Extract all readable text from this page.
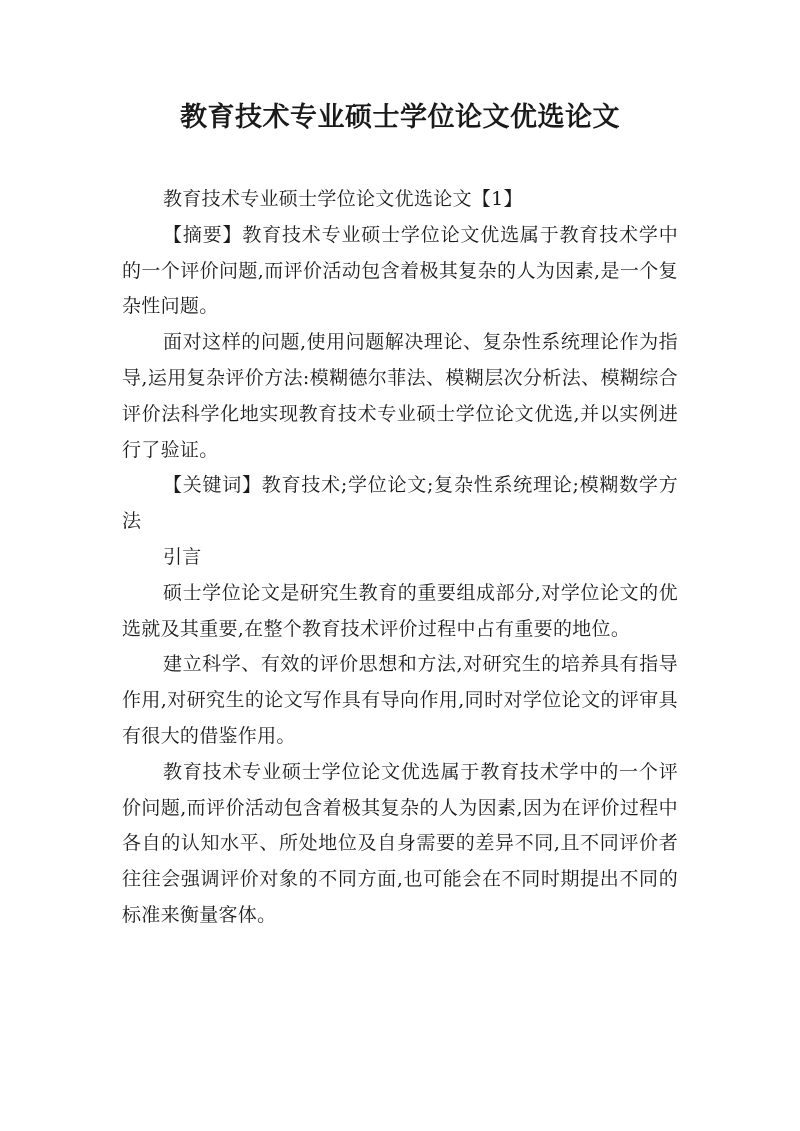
教育技术专业硕士学位论文优选论文

教育技术专业硕士学位论文优选论文【1】

【摘要】教育技术专业硕士学位论文优选属于教育技术学中的一个评价问题,而评价活动包含着极其复杂的人为因素,是一个复杂性问题。

面对这样的问题,使用问题解决理论、复杂性系统理论作为指导,运用复杂评价方法:模糊德尔菲法、模糊层次分析法、模糊综合评价法科学化地实现教育技术专业硕士学位论文优选,并以实例进行了验证。

【关键词】教育技术;学位论文;复杂性系统理论;模糊数学方法

引言

硕士学位论文是研究生教育的重要组成部分,对学位论文的优选就及其重要,在整个教育技术评价过程中占有重要的地位。

建立科学、有效的评价思想和方法,对研究生的培养具有指导作用,对研究生的论文写作具有导向作用,同时对学位论文的评审具有很大的借鉴作用。

教育技术专业硕士学位论文优选属于教育技术学中的一个评价问题,而评价活动包含着极其复杂的人为因素,因为在评价过程中各自的认知水平、所处地位及自身需要的差异不同,且不同评价者往往会强调评价对象的不同方面,也可能会在不同时期提出不同的标准来衡量客体。
